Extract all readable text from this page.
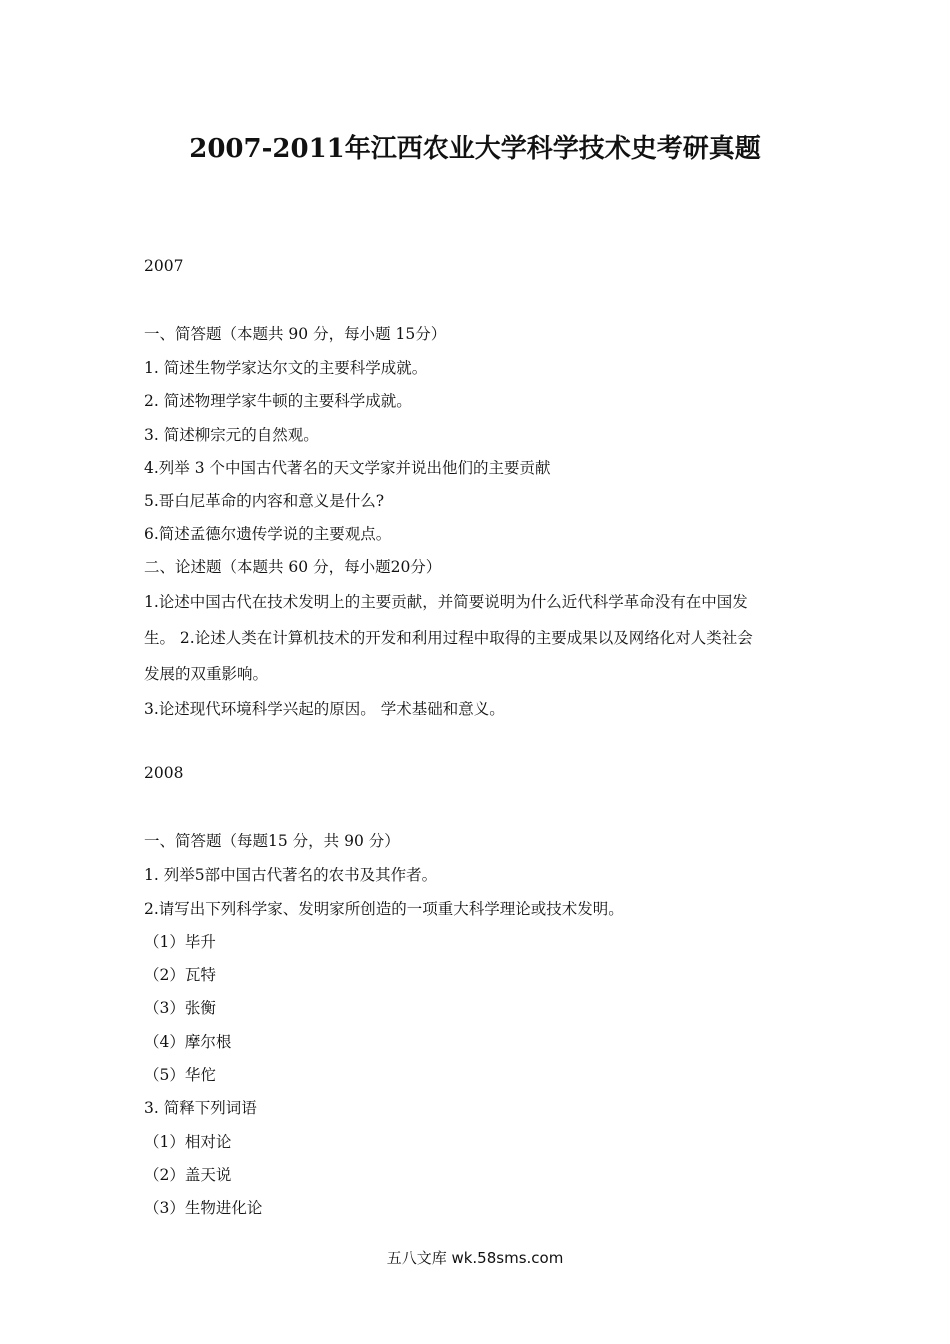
2007-2011年江西农业大学科学技术史考研真题
2007
一、简答题（本题共 90 分，每小题 15分）
1. 简述生物学家达尔文的主要科学成就。
2. 简述物理学家牛顿的主要科学成就。
3. 简述柳宗元的自然观。
4.列举 3 个中国古代著名的天文学家并说出他们的主要贡献
5.哥白尼革命的内容和意义是什么?
6.简述孟德尔遗传学说的主要观点。
二、论述题（本题共 60 分，每小题20分）
1.论述中国古代在技术发明上的主要贡献，并简要说明为什么近代科学革命没有在中国发
生。 2.论述人类在计算机技术的开发和利用过程中取得的主要成果以及网络化对人类社会
发展的双重影响。
3.论述现代环境科学兴起的原因。 学术基础和意义。
2008
一、简答题（每题15 分，共 90 分）
1. 列举5部中国古代著名的农书及其作者。
2.请写出下列科学家、发明家所创造的一项重大科学理论或技术发明。
（1）毕升
（2）瓦特
（3）张衡
（4）摩尔根
（5）华佗
3. 简释下列词语
（1）相对论
（2）盖天说
（3）生物进化论
五八文库 wk.58sms.com
